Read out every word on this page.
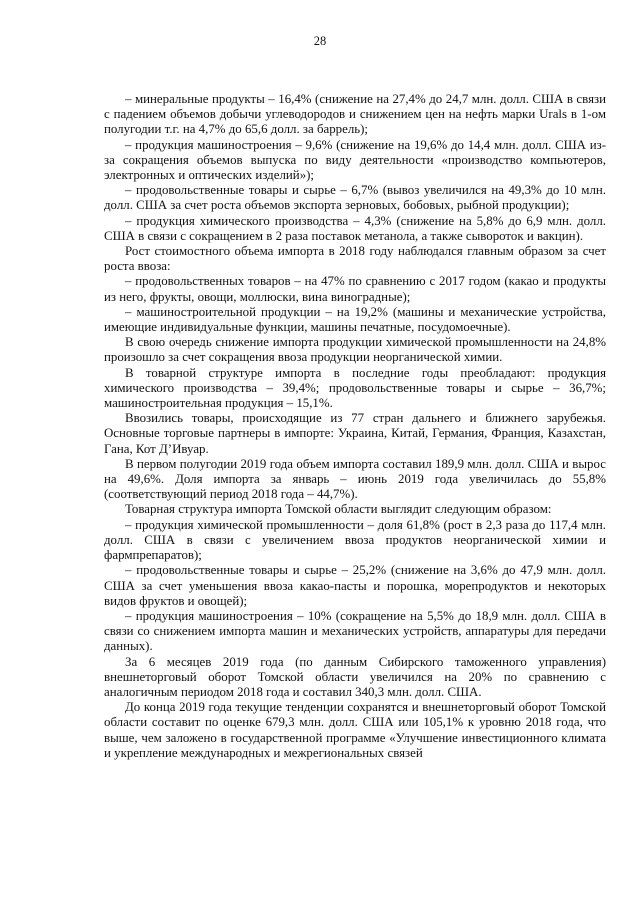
28

– минеральные продукты – 16,4% (снижение на 27,4% до 24,7 млн. долл. США в связи с падением объемов добычи углеводородов и снижением цен на нефть марки Urals в 1-ом полугодии т.г. на 4,7% до 65,6 долл. за баррель);

– продукция машиностроения – 9,6% (снижение на 19,6% до 14,4 млн. долл. США из-за сокращения объемов выпуска по виду деятельности «производство компьютеров, электронных и оптических изделий»);

– продовольственные товары и сырье – 6,7% (вывоз увеличился на 49,3% до 10 млн. долл. США за счет роста объемов экспорта зерновых, бобовых, рыбной продукции);

– продукция химического производства – 4,3% (снижение на 5,8% до 6,9 млн. долл. США в связи с сокращением в 2 раза поставок метанола, а также сывороток и вакцин).

Рост стоимостного объема импорта в 2018 году наблюдался главным образом за счет роста ввоза:

– продовольственных товаров – на 47% по сравнению с 2017 годом (какао и продукты из него, фрукты, овощи, моллюски, вина виноградные);

– машиностроительной продукции – на 19,2% (машины и механические устройства, имеющие индивидуальные функции, машины печатные, посудомоечные).

В свою очередь снижение импорта продукции химической промышленности на 24,8% произошло за счет сокращения ввоза продукции неорганической химии.

В товарной структуре импорта в последние годы преобладают: продукция химического производства – 39,4%; продовольственные товары и сырье – 36,7%; машиностроительная продукция – 15,1%.

Ввозились товары, происходящие из 77 стран дальнего и ближнего зарубежья. Основные торговые партнеры в импорте: Украина, Китай, Германия, Франция, Казахстан, Гана, Кот Д’Ивуар.

В первом полугодии 2019 года объем импорта составил 189,9 млн. долл. США и вырос на 49,6%. Доля импорта за январь – июнь 2019 года увеличилась до 55,8% (соответствующий период 2018 года – 44,7%).

Товарная структура импорта Томской области выглядит следующим образом:

– продукция химической промышленности – доля 61,8% (рост в 2,3 раза до 117,4 млн. долл. США в связи с увеличением ввоза продуктов неорганической химии и фармпрепаратов);

– продовольственные товары и сырье – 25,2% (снижение на 3,6% до 47,9 млн. долл. США за счет уменьшения ввоза какао-пасты и порошка, морепродуктов и некоторых видов фруктов и овощей);

– продукция машиностроения – 10% (сокращение на 5,5% до 18,9 млн. долл. США в связи со снижением импорта машин и механических устройств, аппаратуры для передачи данных).

За 6 месяцев 2019 года (по данным Сибирского таможенного управления) внешнеторговый оборот Томской области увеличился на 20% по сравнению с аналогичным периодом 2018 года и составил 340,3 млн. долл. США.

До конца 2019 года текущие тенденции сохранятся и внешнеторговый оборот Томской области составит по оценке 679,3 млн. долл. США или 105,1% к уровню 2018 года, что выше, чем заложено в государственной программе «Улучшение инвестиционного климата и укрепление международных и межрегиональных связей
